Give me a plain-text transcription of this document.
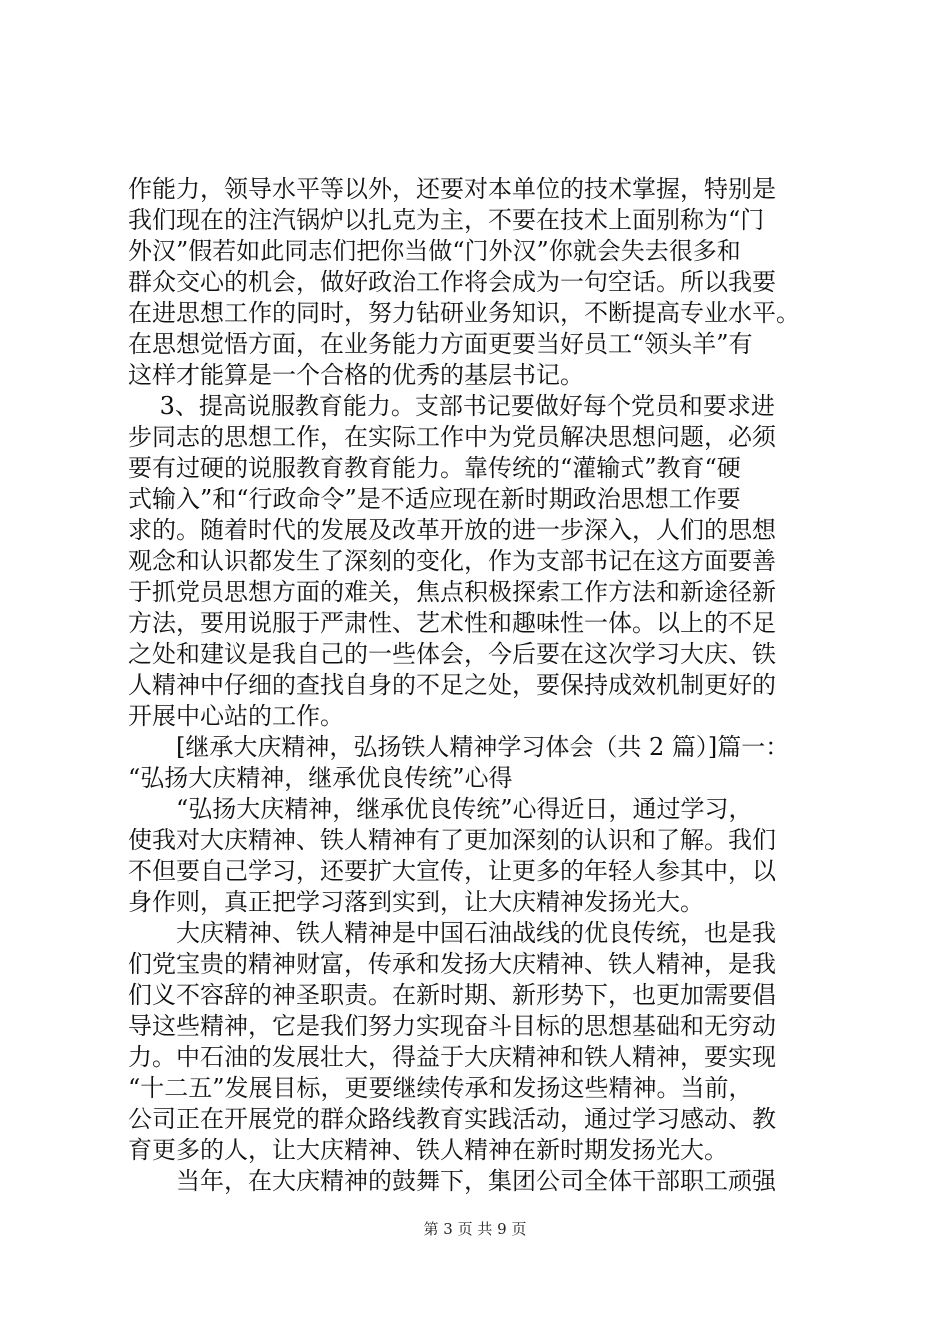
作能力，领导水平等以外，还要对本单位的技术掌握，特别是
我们现在的注汽锅炉以扎克为主，不要在技术上面别称为“门
外汉”假若如此同志们把你当做“门外汉”你就会失去很多和
群众交心的机会，做好政治工作将会成为一句空话。所以我要
在进思想工作的同时，努力钻研业务知识，不断提高专业水平。
在思想觉悟方面，在业务能力方面更要当好员工“领头羊”有
这样才能算是一个合格的优秀的基层书记。
　 3、提高说服教育能力。支部书记要做好每个党员和要求进
步同志的思想工作，在实际工作中为党员解决思想问题，必须
要有过硬的说服教育教育能力。靠传统的“灌输式”教育“硬
式输入”和“行政命令”是不适应现在新时期政治思想工作要
求的。随着时代的发展及改革开放的进一步深入，人们的思想
观念和认识都发生了深刻的变化，作为支部书记在这方面要善
于抓党员思想方面的难关，焦点积极探索工作方法和新途径新
方法，要用说服于严肃性、艺术性和趣味性一体。以上的不足
之处和建议是我自己的一些体会，今后要在这次学习大庆、铁
人精神中仔细的查找自身的不足之处，要保持成效机制更好的
开展中心站的工作。
　　[继承大庆精神，弘扬铁人精神学习体会（共 2 篇）]篇一：
“弘扬大庆精神，继承优良传统”心得
　　“弘扬大庆精神，继承优良传统”心得近日，通过学习，
使我对大庆精神、铁人精神有了更加深刻的认识和了解。我们
不但要自己学习，还要扩大宣传，让更多的年轻人参其中，以
身作则，真正把学习落到实到，让大庆精神发扬光大。
　　大庆精神、铁人精神是中国石油战线的优良传统，也是我
们党宝贵的精神财富，传承和发扬大庆精神、铁人精神，是我
们义不容辞的神圣职责。在新时期、新形势下，也更加需要倡
导这些精神，它是我们努力实现奋斗目标的思想基础和无穷动
力。中石油的发展壮大，得益于大庆精神和铁人精神，要实现
“十二五”发展目标，更要继续传承和发扬这些精神。当前，
公司正在开展党的群众路线教育实践活动，通过学习感动、教
育更多的人，让大庆精神、铁人精神在新时期发扬光大。
　　当年，在大庆精神的鼓舞下，集团公司全体干部职工顽强
第 3 页 共 9 页
